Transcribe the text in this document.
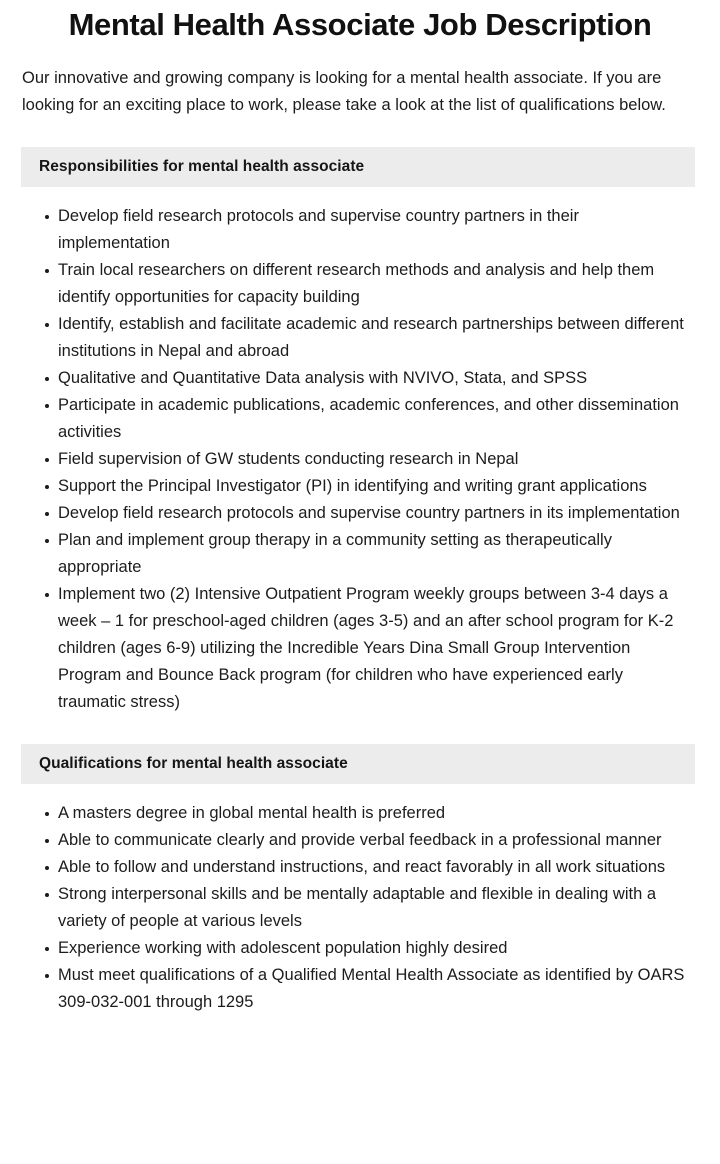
Mental Health Associate Job Description

Our innovative and growing company is looking for a mental health associate. If you are looking for an exciting place to work, please take a look at the list of qualifications below.

Responsibilities for mental health associate
Develop field research protocols and supervise country partners in their implementation
Train local researchers on different research methods and analysis and help them identify opportunities for capacity building
Identify, establish and facilitate academic and research partnerships between different institutions in Nepal and abroad
Qualitative and Quantitative Data analysis with NVIVO, Stata, and SPSS
Participate in academic publications, academic conferences, and other dissemination activities
Field supervision of GW students conducting research in Nepal
Support the Principal Investigator (PI) in identifying and writing grant applications
Develop field research protocols and supervise country partners in its implementation
Plan and implement group therapy in a community setting as therapeutically appropriate
Implement two (2) Intensive Outpatient Program weekly groups between 3-4 days a week – 1 for preschool-aged children (ages 3-5) and an after school program for K-2 children (ages 6-9) utilizing the Incredible Years Dina Small Group Intervention Program and Bounce Back program (for children who have experienced early traumatic stress)
Qualifications for mental health associate
A masters degree in global mental health is preferred
Able to communicate clearly and provide verbal feedback in a professional manner
Able to follow and understand instructions, and react favorably in all work situations
Strong interpersonal skills and be mentally adaptable and flexible in dealing with a variety of people at various levels
Experience working with adolescent population highly desired
Must meet qualifications of a Qualified Mental Health Associate as identified by OARS 309-032-001 through 1295
